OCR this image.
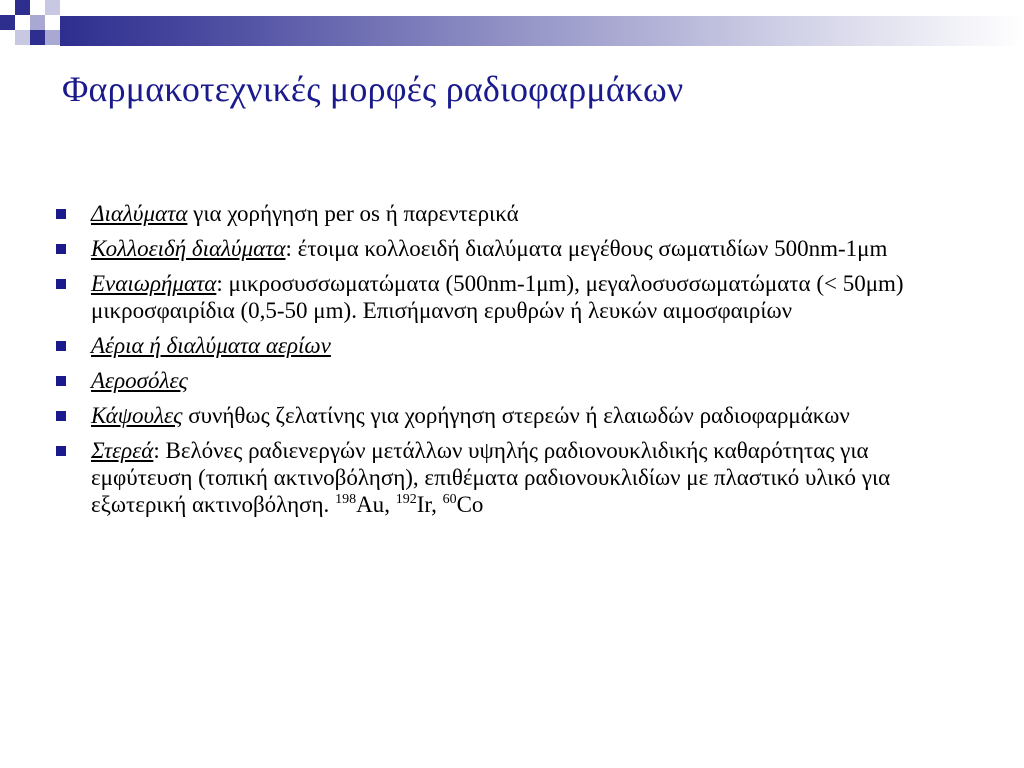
Φαρμακοτεχνικές μορφές ραδιοφαρμάκων
Διαλύματα για χορήγηση per os ή παρεντερικά
Κολλοειδή διαλύματα: έτοιμα κολλοειδή διαλύματα μεγέθους σωματιδίων 500nm-1μm
Εναιωρήματα: μικροσυσσωματώματα (500nm-1μm), μεγαλοσυσσωματώματα (< 50μm) μικροσφαιρίδια (0,5-50 μm). Επισήμανση ερυθρών ή λευκών αιμοσφαιρίων
Αέρια ή διαλύματα αερίων
Αεροσόλες
Κάψουλες συνήθως ζελατίνης για χορήγηση στερεών ή ελαιωδών ραδιοφαρμάκων
Στερεά: Βελόνες ραδιενεργών μετάλλων υψηλής ραδιονουκλιδικής καθαρότητας για εμφύτευση (τοπική ακτινοβόληση), επιθέματα ραδιονουκλιδίων με πλαστικό υλικό για εξωτερική ακτινοβόληση. $^{198}$Au, $^{192}$Ir, $^{60}$Co
